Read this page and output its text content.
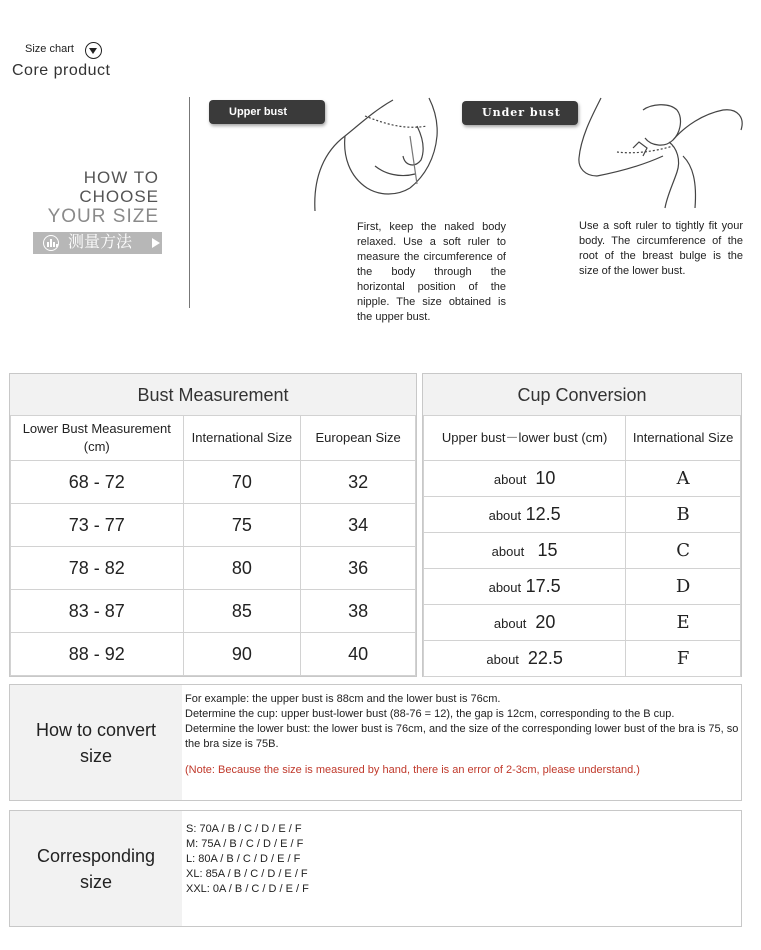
Size chart
Core product
HOW TO
CHOOSE
YOUR SIZE
测量方法
Upper bust
First, keep the naked body relaxed. Use a soft ruler to measure the circumference of the body through the horizontal position of the nipple. The size obtained is the upper bust.
Under bust
Use a soft ruler to tightly fit your body. The circumference of the root of the breast bulge is the size of the lower bust.
Bust Measurement
Lower Bust Measurement (cm)	International Size	European Size
68 - 72	70	32
73 - 77	75	34
78 - 82	80	36
83 - 87	85	38
88 - 92	90	40
Cup Conversion
Upper bust－lower bust (cm)	International Size
about 10	A
about 12.5	B
about 15	C
about 17.5	D
about 20	E
about 22.5	F
How to convert size
For example: the upper bust is 88cm and the lower bust is 76cm.
Determine the cup: upper bust-lower bust (88-76 = 12), the gap is 12cm, corresponding to the B cup.
Determine the lower bust: the lower bust is 76cm, and the size of the corresponding lower bust of the bra is 75, so the bra size is 75B.
(Note: Because the size is measured by hand, there is an error of 2-3cm, please understand.)
Corresponding size
S: 70A / B / C / D / E / F
M: 75A / B / C / D / E / F
L: 80A / B / C / D / E / F
XL: 85A / B / C / D / E / F
XXL: 0A / B / C / D / E / F
